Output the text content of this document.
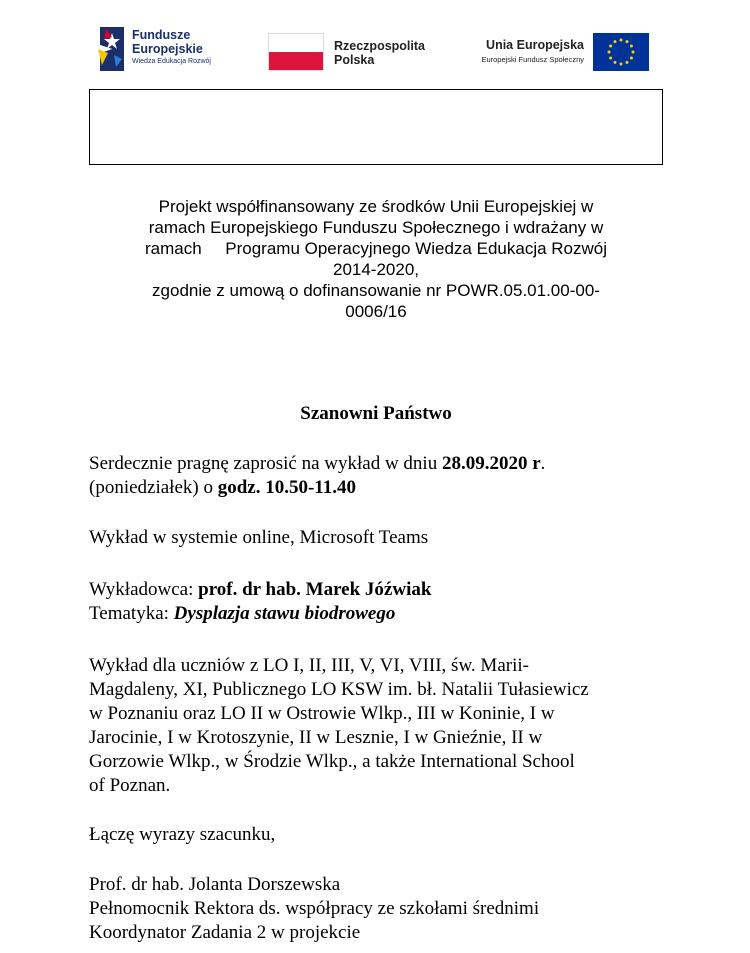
Fundusze
Europejskie
Wiedza Edukacja Rozwój
Rzeczpospolita
Polska
Unia Europejska
Europejski Fundusz Społeczny
Projekt współfinansowany ze środków Unii Europejskiej w
ramach Europejskiego Funduszu Społecznego i wdrażany w
ramach     Programu Operacyjnego Wiedza Edukacja Rozwój
2014-2020,
zgodnie z umową o dofinansowanie nr POWR.05.01.00-00-
0006/16
Szanowni Państwo
Serdecznie pragnę zaprosić na wykład w dniu 28.09.2020 r.
(poniedziałek) o godz. 10.50-11.40
Wykład w systemie online, Microsoft Teams
Wykładowca: prof. dr hab. Marek Jóźwiak
Tematyka: Dysplazja stawu biodrowego
Wykład dla uczniów z LO I, II, III, V, VI, VIII, św. Marii-
Magdaleny, XI, Publicznego LO KSW im. bł. Natalii Tułasiewicz
w Poznaniu oraz LO II w Ostrowie Wlkp., III w Koninie, I w
Jarocinie, I w Krotoszynie, II w Lesznie, I w Gnieźnie, II w
Gorzowie Wlkp., w Środzie Wlkp., a także International School
of Poznan.
Łączę wyrazy szacunku,
Prof. dr hab. Jolanta Dorszewska
Pełnomocnik Rektora ds. współpracy ze szkołami średnimi
Koordynator Zadania 2 w projekcie
